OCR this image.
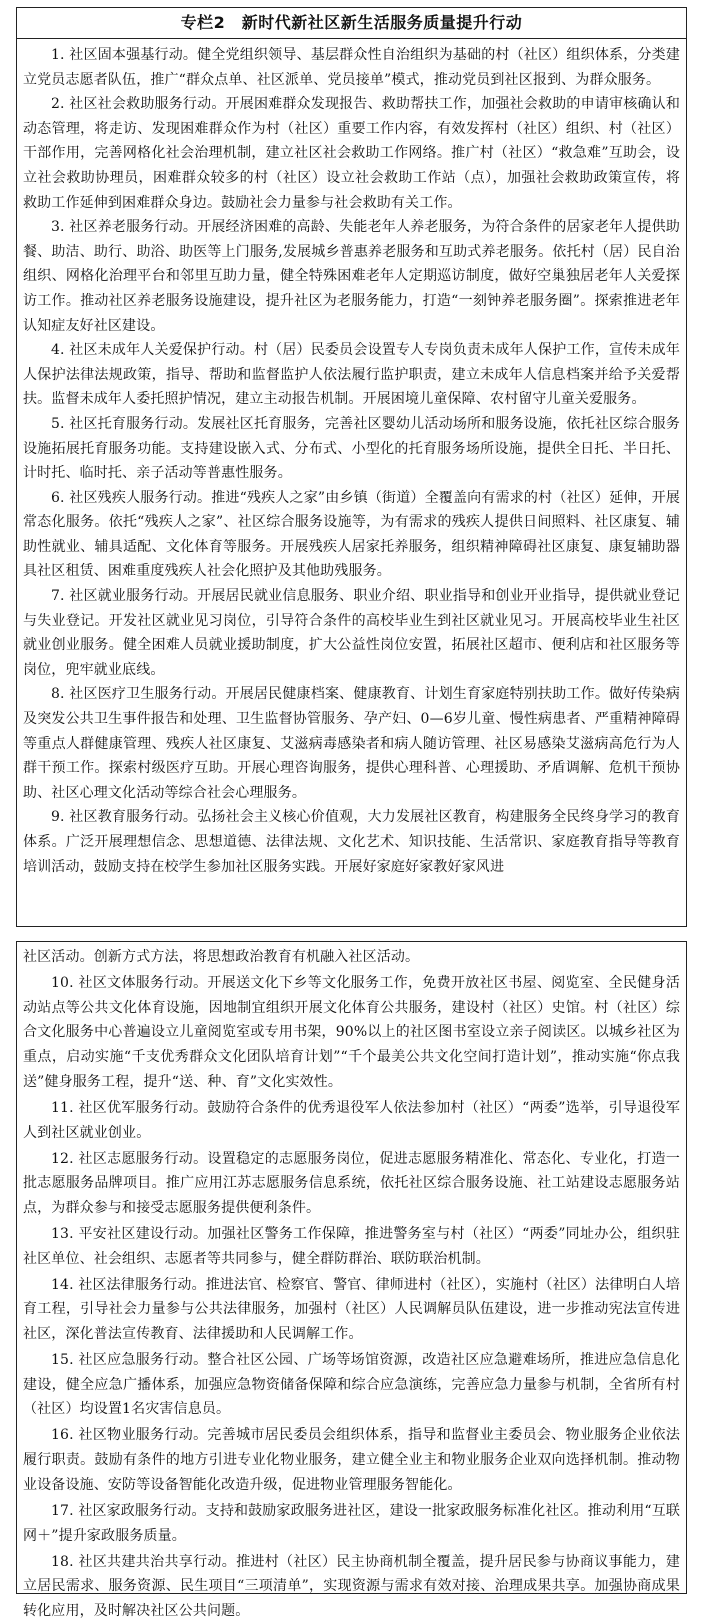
专栏2　新时代新社区新生活服务质量提升行动

1. 社区固本强基行动。健全党组织领导、基层群众性自治组织为基础的村（社区）组织体系，分类建立党员志愿者队伍，推广“群众点单、社区派单、党员接单”模式，推动党员到社区报到、为群众服务。

2. 社区社会救助服务行动。开展困难群众发现报告、救助帮扶工作，加强社会救助的申请审核确认和动态管理，将走访、发现困难群众作为村（社区）重要工作内容，有效发挥村（社区）组织、村（社区）干部作用，完善网格化社会治理机制，建立社区社会救助工作网络。推广村（社区）“救急难”互助会，设立社会救助协理员，困难群众较多的村（社区）设立社会救助工作站（点），加强社会救助政策宣传，将救助工作延伸到困难群众身边。鼓励社会力量参与社会救助有关工作。

3. 社区养老服务行动。开展经济困难的高龄、失能老年人养老服务，为符合条件的居家老年人提供助餐、助洁、助行、助浴、助医等上门服务,发展城乡普惠养老服务和互助式养老服务。依托村（居）民自治组织、网格化治理平台和邻里互助力量，健全特殊困难老年人定期巡访制度，做好空巢独居老年人关爱探访工作。推动社区养老服务设施建设，提升社区为老服务能力，打造“一刻钟养老服务圈”。探索推进老年认知症友好社区建设。

4. 社区未成年人关爱保护行动。村（居）民委员会设置专人专岗负责未成年人保护工作，宣传未成年人保护法律法规政策，指导、帮助和监督监护人依法履行监护职责，建立未成年人信息档案并给予关爱帮扶。监督未成年人委托照护情况，建立主动报告机制。开展困境儿童保障、农村留守儿童关爱服务。

5. 社区托育服务行动。发展社区托育服务，完善社区婴幼儿活动场所和服务设施，依托社区综合服务设施拓展托育服务功能。支持建设嵌入式、分布式、小型化的托育服务场所设施，提供全日托、半日托、计时托、临时托、亲子活动等普惠性服务。

6. 社区残疾人服务行动。推进“残疾人之家”由乡镇（街道）全覆盖向有需求的村（社区）延伸，开展常态化服务。依托“残疾人之家”、社区综合服务设施等，为有需求的残疾人提供日间照料、社区康复、辅助性就业、辅具适配、文化体育等服务。开展残疾人居家托养服务，组织精神障碍社区康复、康复辅助器具社区租赁、困难重度残疾人社会化照护及其他助残服务。

7. 社区就业服务行动。开展居民就业信息服务、职业介绍、职业指导和创业开业指导，提供就业登记与失业登记。开发社区就业见习岗位，引导符合条件的高校毕业生到社区就业见习。开展高校毕业生社区就业创业服务。健全困难人员就业援助制度，扩大公益性岗位安置，拓展社区超市、便利店和社区服务等岗位，兜牢就业底线。

8. 社区医疗卫生服务行动。开展居民健康档案、健康教育、计划生育家庭特别扶助工作。做好传染病及突发公共卫生事件报告和处理、卫生监督协管服务、孕产妇、0—6岁儿童、慢性病患者、严重精神障碍等重点人群健康管理、残疾人社区康复、艾滋病毒感染者和病人随访管理、社区易感染艾滋病高危行为人群干预工作。探索村级医疗互助。开展心理咨询服务，提供心理科普、心理援助、矛盾调解、危机干预协助、社区心理文化活动等综合社会心理服务。

9. 社区教育服务行动。弘扬社会主义核心价值观，大力发展社区教育，构建服务全民终身学习的教育体系。广泛开展理想信念、思想道德、法律法规、文化艺术、知识技能、生活常识、家庭教育指导等教育培训活动，鼓励支持在校学生参加社区服务实践。开展好家庭好家教好家风进

社区活动。创新方式方法，将思想政治教育有机融入社区活动。

10. 社区文体服务行动。开展送文化下乡等文化服务工作，免费开放社区书屋、阅览室、全民健身活动站点等公共文化体育设施，因地制宜组织开展文化体育公共服务，建设村（社区）史馆。村（社区）综合文化服务中心普遍设立儿童阅览室或专用书架，90%以上的社区图书室设立亲子阅读区。以城乡社区为重点，启动实施“千支优秀群众文化团队培育计划”“千个最美公共文化空间打造计划”，推动实施“你点我送”健身服务工程，提升“送、种、育”文化实效性。

11. 社区优军服务行动。鼓励符合条件的优秀退役军人依法参加村（社区）“两委”选举，引导退役军人到社区就业创业。

12. 社区志愿服务行动。设置稳定的志愿服务岗位，促进志愿服务精准化、常态化、专业化，打造一批志愿服务品牌项目。推广应用江苏志愿服务信息系统，依托社区综合服务设施、社工站建设志愿服务站点，为群众参与和接受志愿服务提供便利条件。

13. 平安社区建设行动。加强社区警务工作保障，推进警务室与村（社区）“两委”同址办公，组织驻社区单位、社会组织、志愿者等共同参与，健全群防群治、联防联治机制。

14. 社区法律服务行动。推进法官、检察官、警官、律师进村（社区），实施村（社区）法律明白人培育工程，引导社会力量参与公共法律服务，加强村（社区）人民调解员队伍建设，进一步推动宪法宣传进社区，深化普法宣传教育、法律援助和人民调解工作。

15. 社区应急服务行动。整合社区公园、广场等场馆资源，改造社区应急避难场所，推进应急信息化建设，健全应急广播体系，加强应急物资储备保障和综合应急演练，完善应急力量参与机制，全省所有村（社区）均设置1名灾害信息员。

16. 社区物业服务行动。完善城市居民委员会组织体系，指导和监督业主委员会、物业服务企业依法履行职责。鼓励有条件的地方引进专业化物业服务，建立健全业主和物业服务企业双向选择机制。推动物业设备设施、安防等设备智能化改造升级，促进物业管理服务智能化。

17. 社区家政服务行动。支持和鼓励家政服务进社区，建设一批家政服务标准化社区。推动利用“互联网＋”提升家政服务质量。

18. 社区共建共治共享行动。推进村（社区）民主协商机制全覆盖，提升居民参与协商议事能力，建立居民需求、服务资源、民生项目“三项清单”，实现资源与需求有效对接、治理成果共享。加强协商成果转化应用，及时解决社区公共问题。
